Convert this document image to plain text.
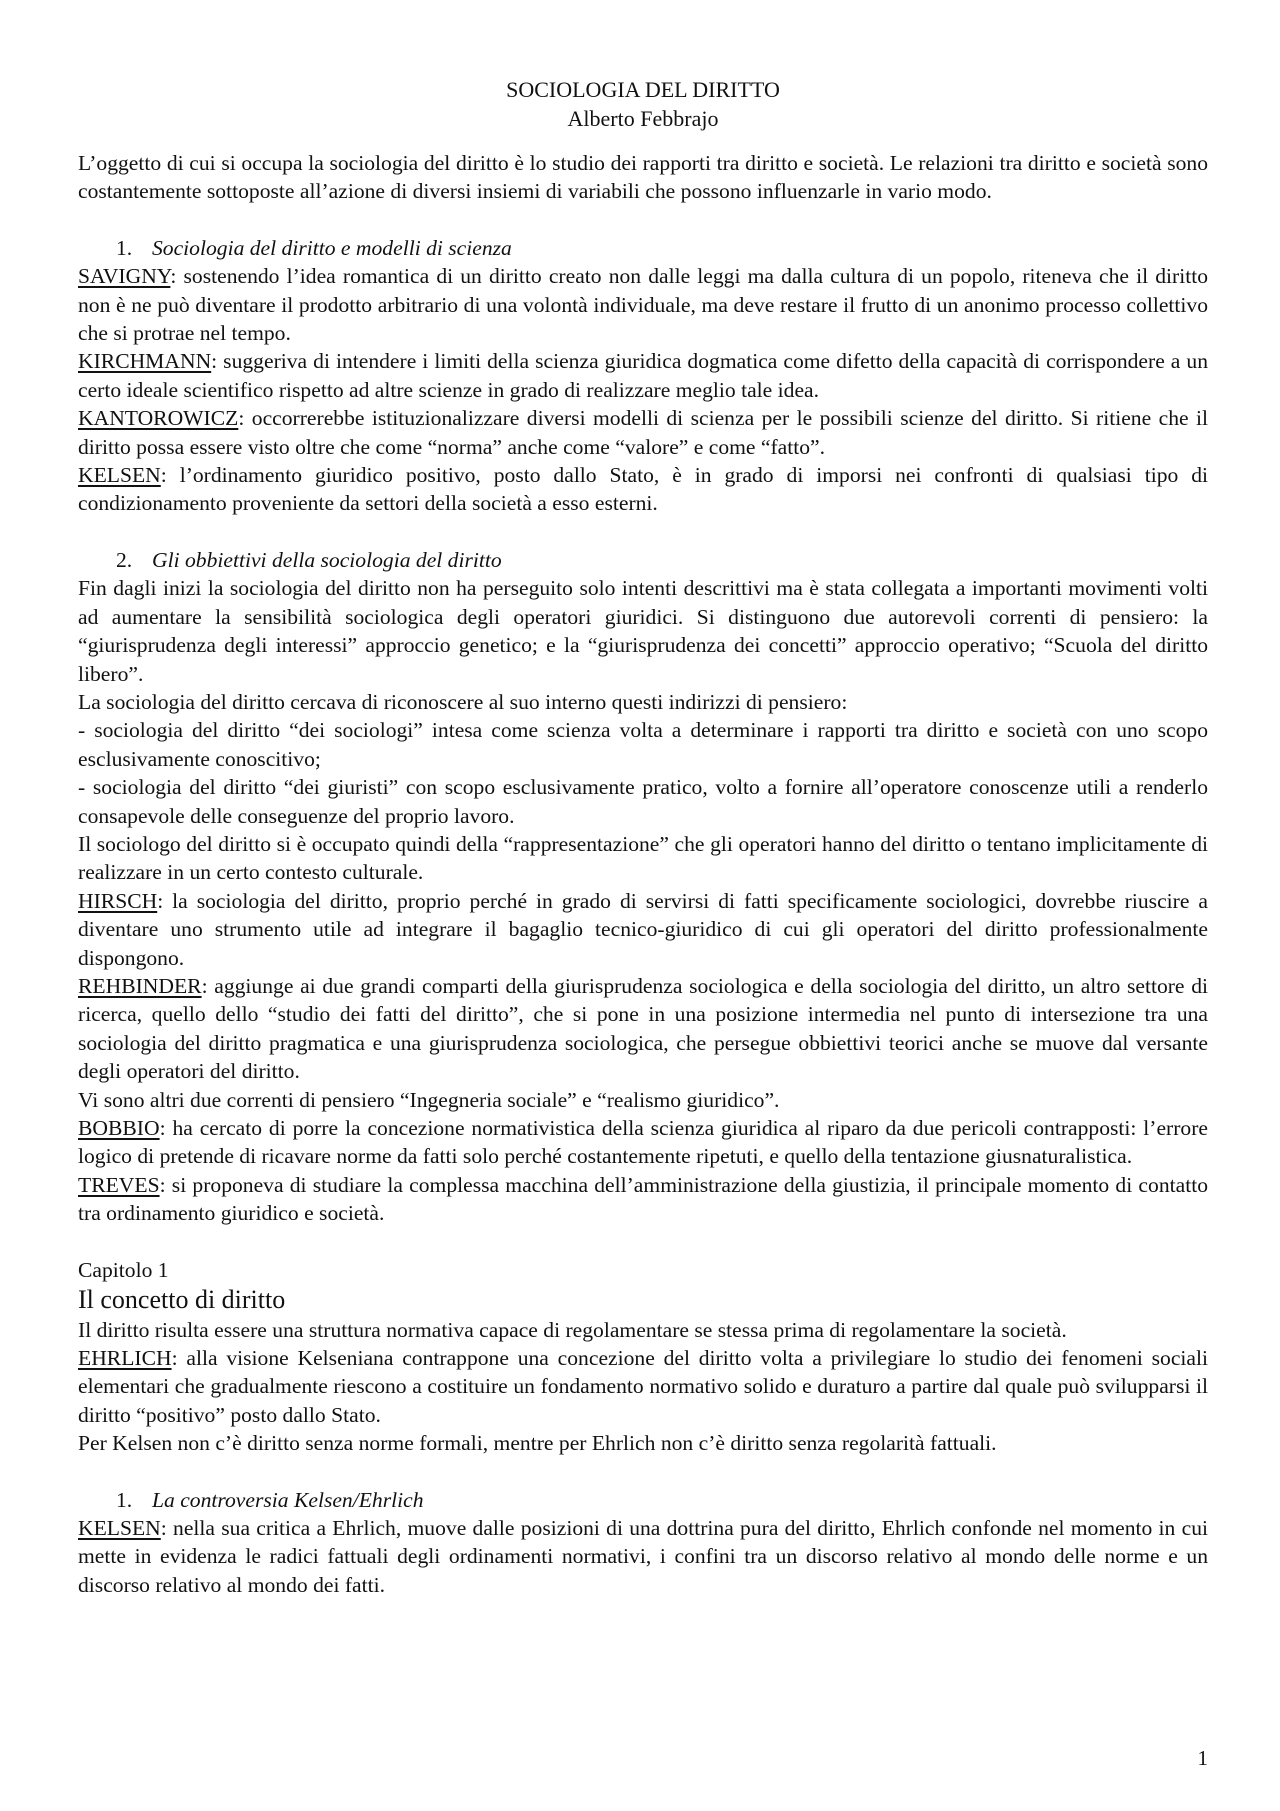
SOCIOLOGIA DEL DIRITTO
Alberto Febbrajo

L’oggetto di cui si occupa la sociologia del diritto è lo studio dei rapporti tra diritto e società. Le relazioni tra diritto e società sono costantemente sottoposte all’azione di diversi insiemi di variabili che possono influenzarle in vario modo.

1. Sociologia del diritto e modelli di scienza

SAVIGNY: sostenendo l’idea romantica di un diritto creato non dalle leggi ma dalla cultura di un popolo, riteneva che il diritto non è ne può diventare il prodotto arbitrario di una volontà individuale, ma deve restare il frutto di un anonimo processo collettivo che si protrae nel tempo.

KIRCHMANN: suggeriva di intendere i limiti della scienza giuridica dogmatica come difetto della capacità di corrispondere a un certo ideale scientifico rispetto ad altre scienze in grado di realizzare meglio tale idea.

KANTOROWICZ: occorrerebbe istituzionalizzare diversi modelli di scienza per le possibili scienze del diritto. Si ritiene che il diritto possa essere visto oltre che come “norma” anche come “valore” e come “fatto”.

KELSEN: l’ordinamento giuridico positivo, posto dallo Stato, è in grado di imporsi nei confronti di qualsiasi tipo di condizionamento proveniente da settori della società a esso esterni.

2. Gli obbiettivi della sociologia del diritto

Fin dagli inizi la sociologia del diritto non ha perseguito solo intenti descrittivi ma è stata collegata a importanti movimenti volti ad aumentare la sensibilità sociologica degli operatori giuridici. Si distinguono due autorevoli correnti di pensiero: la “giurisprudenza degli interessi” approccio genetico; e la “giurisprudenza dei concetti” approccio operativo; “Scuola del diritto libero”.

La sociologia del diritto cercava di riconoscere al suo interno questi indirizzi di pensiero:

- sociologia del diritto “dei sociologi” intesa come scienza volta a determinare i rapporti tra diritto e società con uno scopo esclusivamente conoscitivo;

- sociologia del diritto “dei giuristi” con scopo esclusivamente pratico, volto a fornire all’operatore conoscenze utili a renderlo consapevole delle conseguenze del proprio lavoro.

Il sociologo del diritto si è occupato quindi della “rappresentazione” che gli operatori hanno del diritto o tentano implicitamente di realizzare in un certo contesto culturale.

HIRSCH: la sociologia del diritto, proprio perché in grado di servirsi di fatti specificamente sociologici, dovrebbe riuscire a diventare uno strumento utile ad integrare il bagaglio tecnico-giuridico di cui gli operatori del diritto professionalmente dispongono.

REHBINDER: aggiunge ai due grandi comparti della giurisprudenza sociologica e della sociologia del diritto, un altro settore di ricerca, quello dello “studio dei fatti del diritto”, che si pone in una posizione intermedia nel punto di intersezione tra una sociologia del diritto pragmatica e una giurisprudenza sociologica, che persegue obbiettivi teorici anche se muove dal versante degli operatori del diritto.

Vi sono altri due correnti di pensiero “Ingegneria sociale” e “realismo giuridico”.

BOBBIO: ha cercato di porre la concezione normativistica della scienza giuridica al riparo da due pericoli contrapposti: l’errore logico di pretende di ricavare norme da fatti solo perché costantemente ripetuti, e quello della tentazione giusnaturalistica.

TREVES: si proponeva di studiare la complessa macchina dell’amministrazione della giustizia, il principale momento di contatto tra ordinamento giuridico e società.

Capitolo 1
Il concetto di diritto

Il diritto risulta essere una struttura normativa capace di regolamentare se stessa prima di regolamentare la società.

EHRLICH: alla visione Kelseniana contrappone una concezione del diritto volta a privilegiare lo studio dei fenomeni sociali elementari che gradualmente riescono a costituire un fondamento normativo solido e duraturo a partire dal quale può svilupparsi il diritto “positivo” posto dallo Stato.

Per Kelsen non c’è diritto senza norme formali, mentre per Ehrlich non c’è diritto senza regolarità fattuali.

1. La controversia Kelsen/Ehrlich

KELSEN: nella sua critica a Ehrlich, muove dalle posizioni di una dottrina pura del diritto, Ehrlich confonde nel momento in cui mette in evidenza le radici fattuali degli ordinamenti normativi, i confini tra un discorso relativo al mondo delle norme e un discorso relativo al mondo dei fatti.

1
